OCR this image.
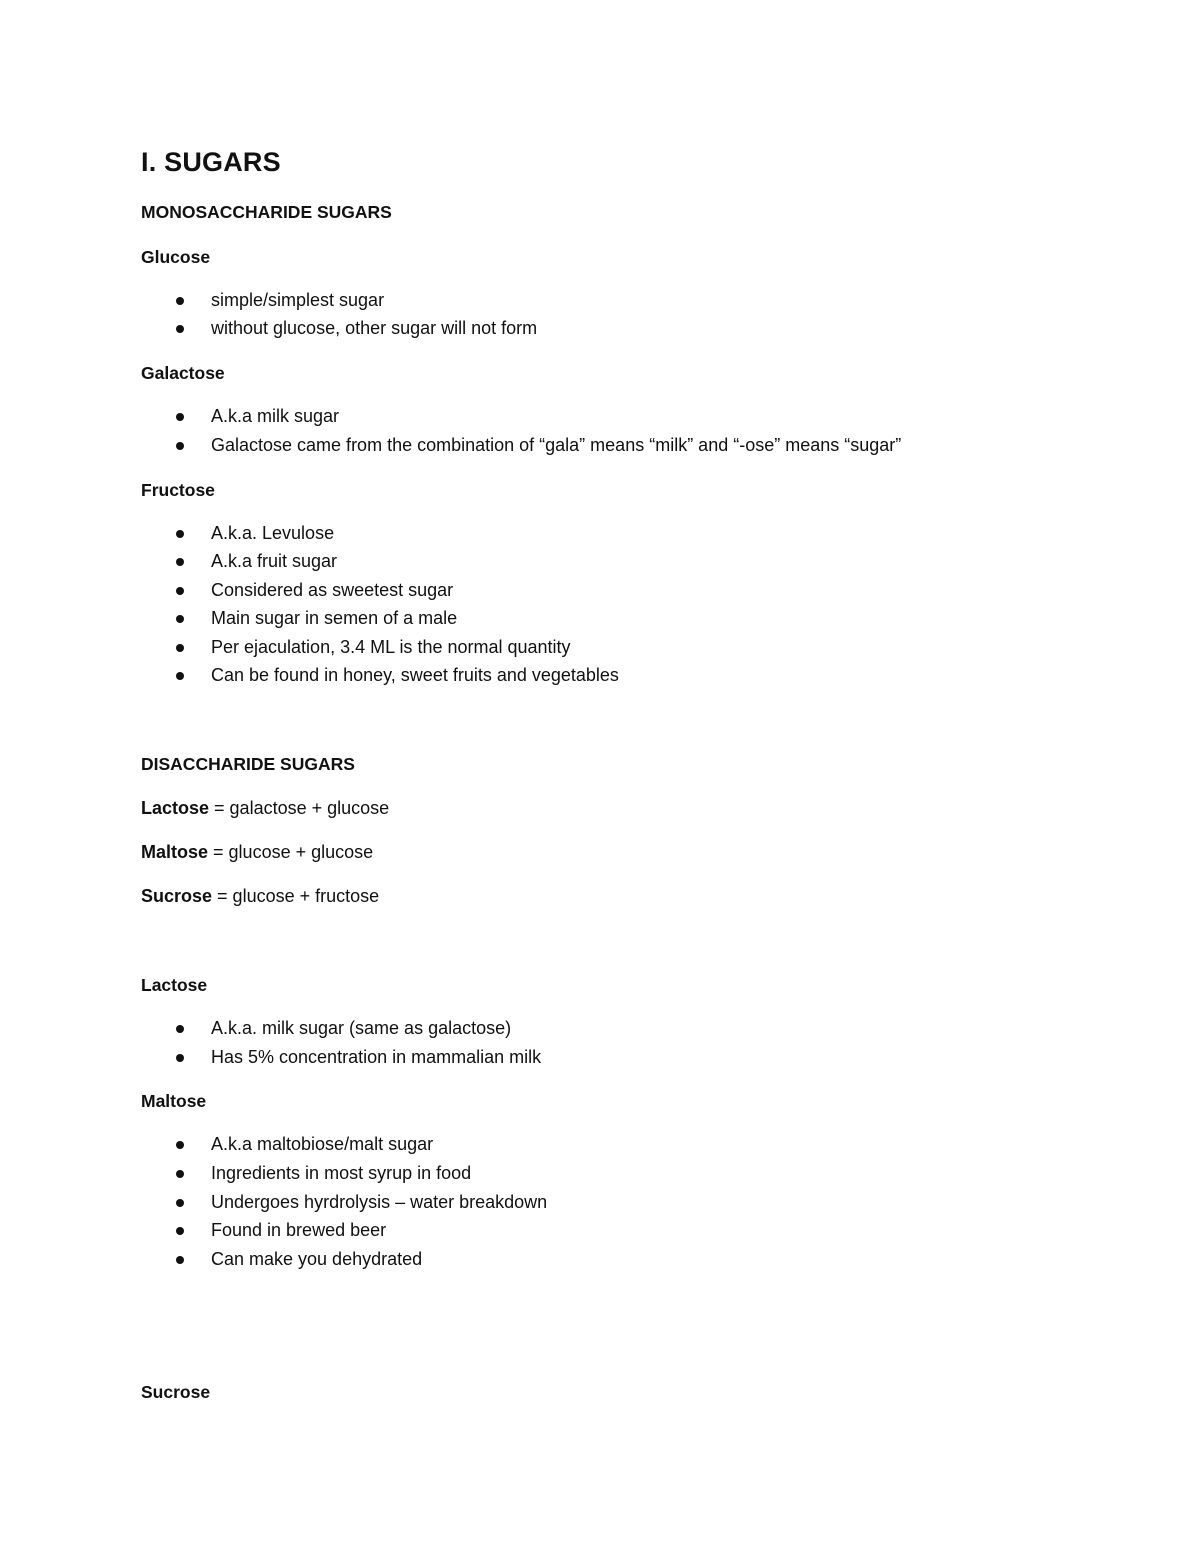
I. SUGARS
MONOSACCHARIDE SUGARS
Glucose
simple/simplest sugar
without glucose, other sugar will not form
Galactose
A.k.a milk sugar
Galactose came from the combination of “gala” means “milk” and “-ose” means “sugar”
Fructose
A.k.a. Levulose
A.k.a fruit sugar
Considered as sweetest sugar
Main sugar in semen of a male
Per ejaculation, 3.4 ML is the normal quantity
Can be found in honey, sweet fruits and vegetables
DISACCHARIDE SUGARS
Lactose = galactose + glucose
Maltose = glucose + glucose
Sucrose = glucose + fructose
Lactose
A.k.a. milk sugar (same as galactose)
Has 5% concentration in mammalian milk
Maltose
A.k.a maltobiose/malt sugar
Ingredients in most syrup in food
Undergoes hyrdrolysis – water breakdown
Found in brewed beer
Can make you dehydrated
Sucrose
